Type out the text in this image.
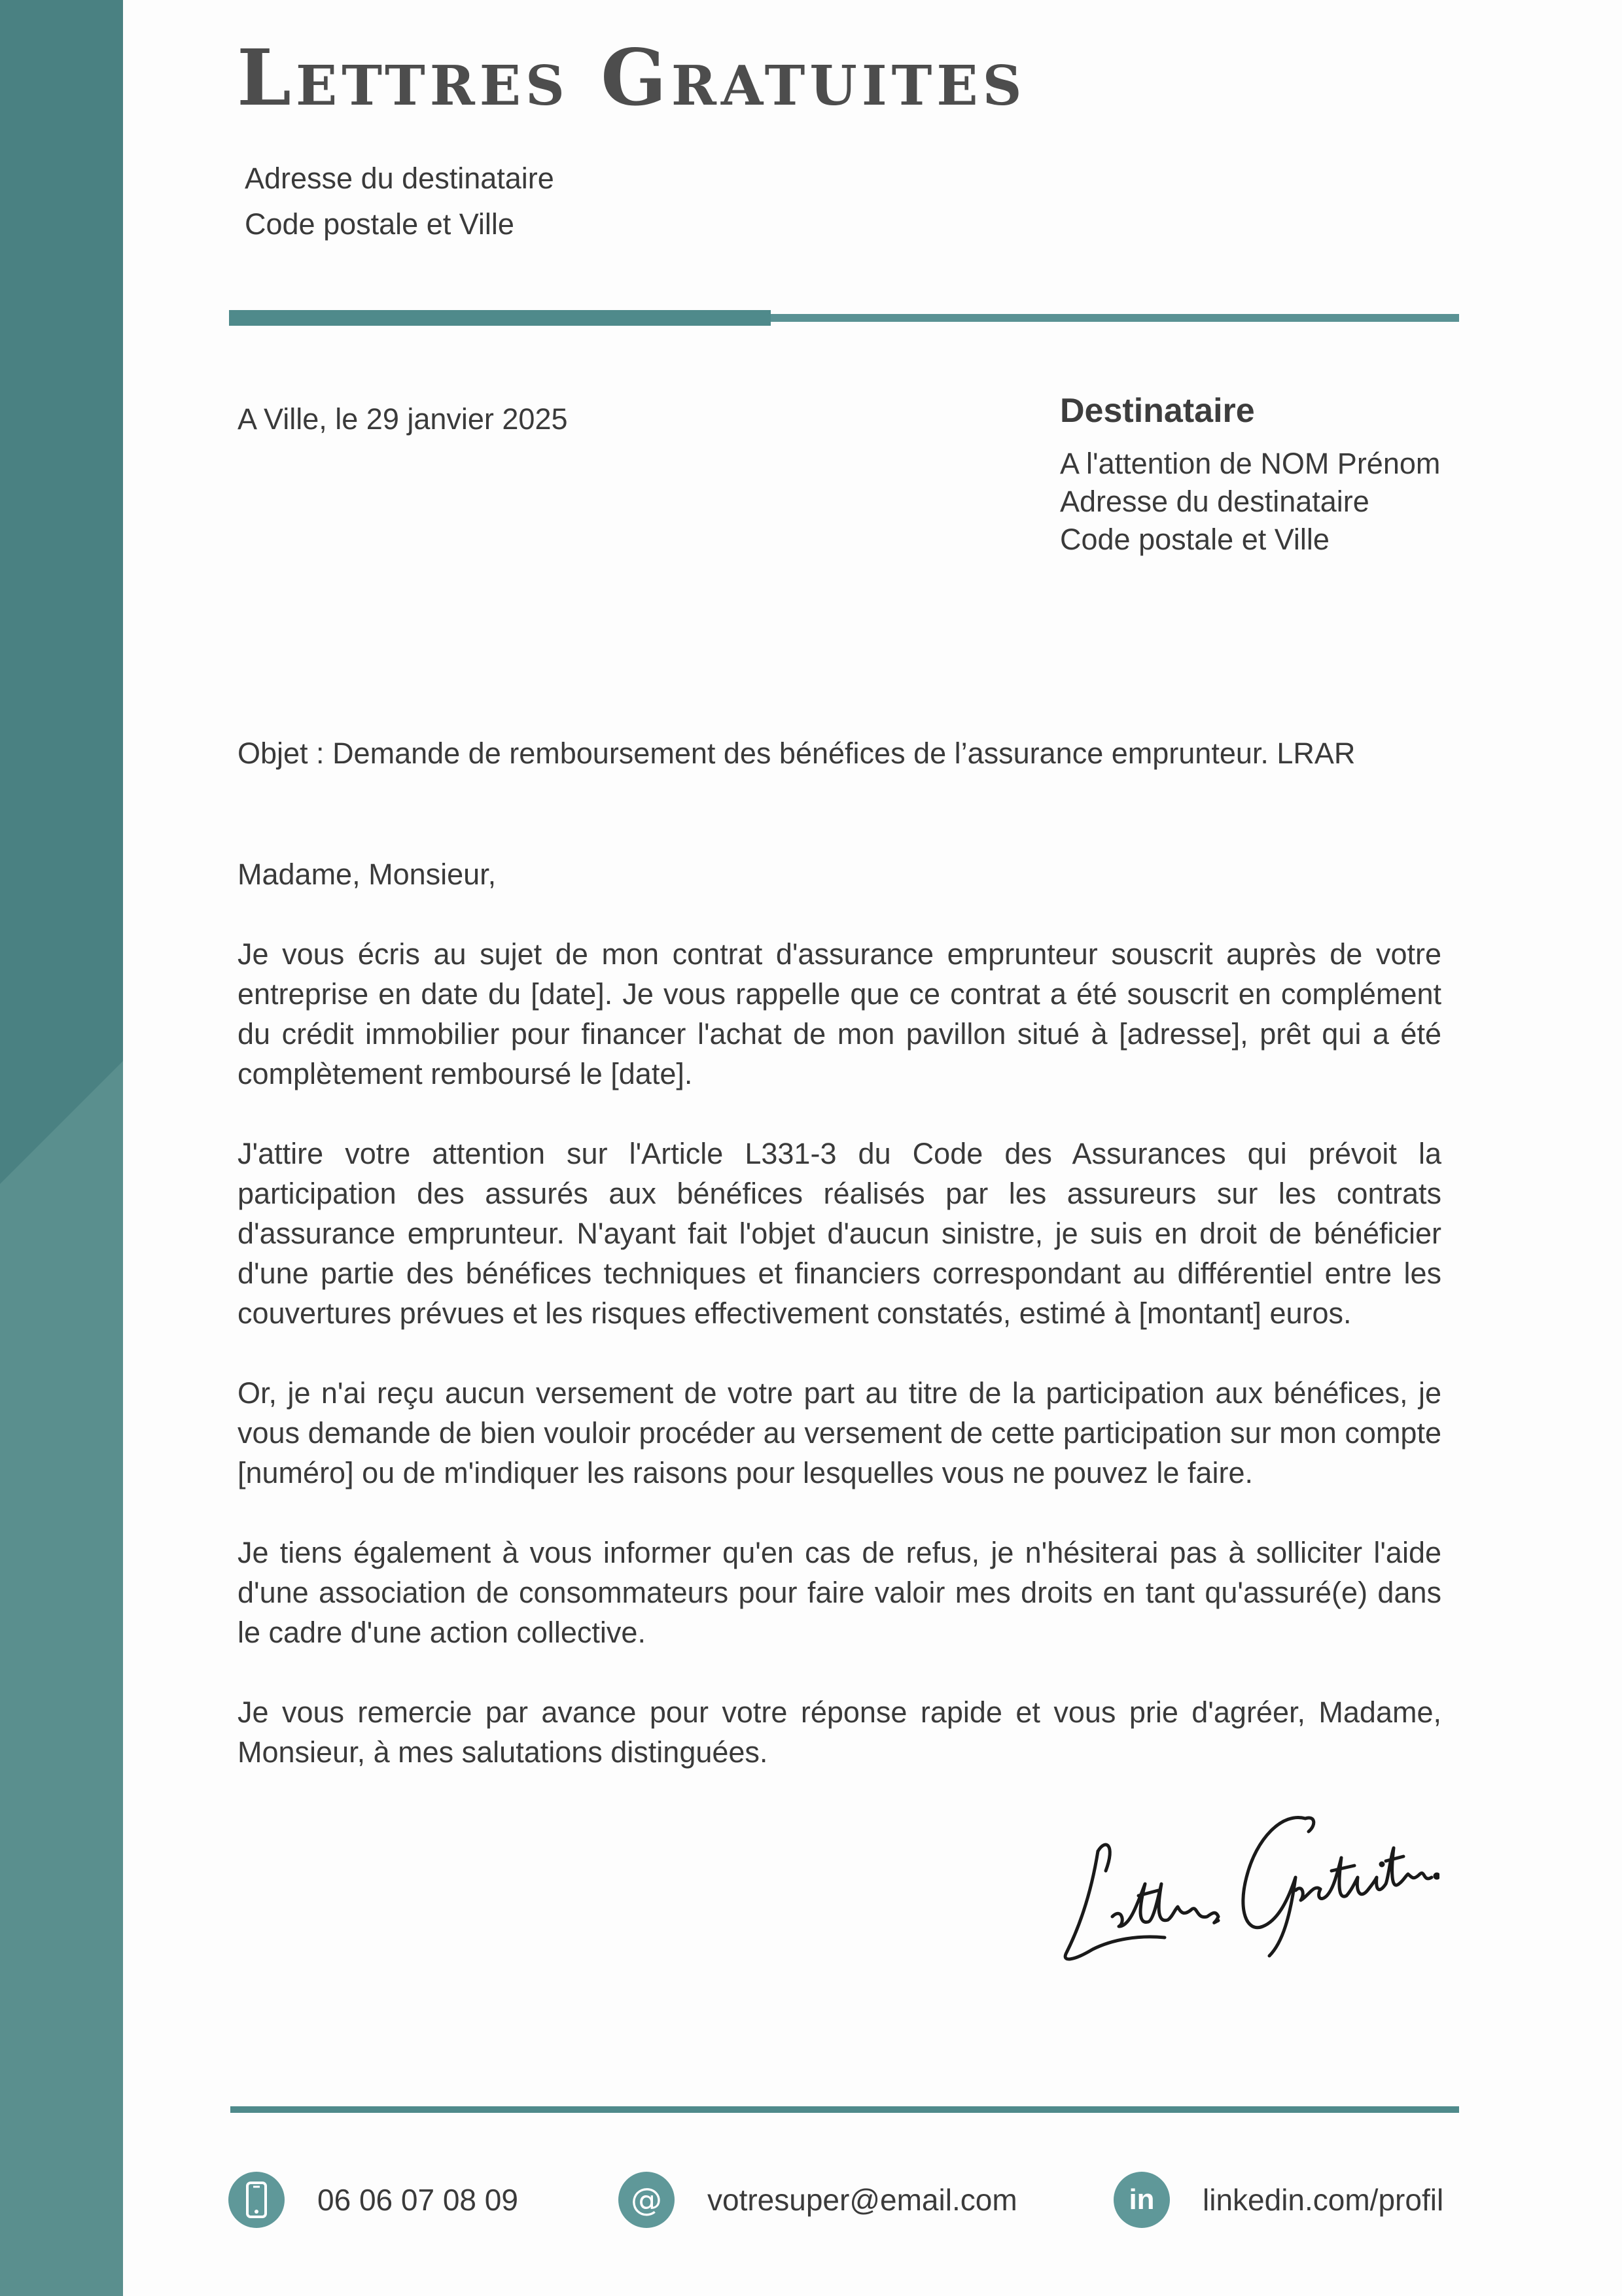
Lettres Gratuites
Adresse du destinataire
Code postale et Ville
A Ville, le 29 janvier 2025	Destinataire
A l'attention de NOM Prénom
Adresse du destinataire
Code postale et Ville
Objet : Demande de remboursement des bénéfices de l’assurance emprunteur. LRAR

Madame, Monsieur,

Je vous écris au sujet de mon contrat d'assurance emprunteur souscrit auprès de votre entreprise en date du [date]. Je vous rappelle que ce contrat a été souscrit en complément du crédit immobilier pour financer l'achat de mon pavillon situé à [adresse], prêt qui a été complètement remboursé le [date].

J'attire votre attention sur l'Article L331-3 du Code des Assurances qui prévoit la participation des assurés aux bénéfices réalisés par les assureurs sur les contrats d'assurance emprunteur. N'ayant fait l'objet d'aucun sinistre, je suis en droit de bénéficier d'une partie des bénéfices techniques et financiers correspondant au différentiel entre les couvertures prévues et les risques effectivement constatés, estimé à [montant] euros.

Or, je n'ai reçu aucun versement de votre part au titre de la participation aux bénéfices, je vous demande de bien vouloir procéder au versement de cette participation sur mon compte [numéro] ou de m'indiquer les raisons pour lesquelles vous ne pouvez le faire.

Je tiens également à vous informer qu'en cas de refus, je n'hésiterai pas à solliciter l'aide d'une association de consommateurs pour faire valoir mes droits en tant qu'assuré(e) dans le cadre d'une action collective.

Je vous remercie par avance pour votre réponse rapide et vous prie d'agréer, Madame, Monsieur, à mes salutations distinguées.

06 06 07 08 09	@ votresuper@email.com	in linkedin.com/profil
